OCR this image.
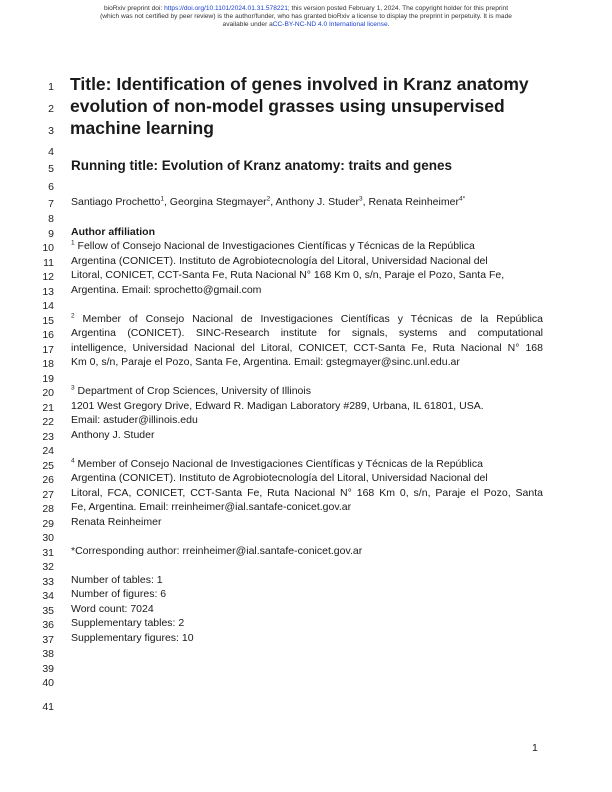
bioRxiv preprint doi: https://doi.org/10.1101/2024.01.31.578221; this version posted February 1, 2024. The copyright holder for this preprint
(which was not certified by peer review) is the author/funder, who has granted bioRxiv a license to display the preprint in perpetuity. It is made
available under aCC-BY-NC-ND 4.0 International license.
1
2
3
4
5
6
7
8
9
10
11
12
13
14
15
16
17
18
19
20
21
22
23
24
25
26
27
28
29
30
31
32
33
34
35
36
37
38
39
40
41
Title: Identification of genes involved in Kranz anatomy
evolution of non-model grasses using unsupervised
machine learning
Running title: Evolution of Kranz anatomy: traits and genes
Santiago Prochetto$^1$, Georgina Stegmayer$^2$, Anthony J. Studer$^3$, Renata Reinheimer$^{4*}$
Author affiliation
$^1$ Fellow of Consejo Nacional de Investigaciones Científicas y Técnicas de la República
Argentina (CONICET). Instituto de Agrobiotecnología del Litoral, Universidad Nacional del
Litoral, CONICET, CCT-Santa Fe, Ruta Nacional N° 168 Km 0, s/n, Paraje el Pozo, Santa Fe,
Argentina. Email: sprochetto@gmail.com
$^2$ Member of Consejo Nacional de Investigaciones Científicas y Técnicas de la República
Argentina (CONICET). SINC-Research institute for signals, systems and computational
intelligence, Universidad Nacional del Litoral, CONICET, CCT-Santa Fe, Ruta Nacional N° 168
Km 0, s/n, Paraje el Pozo, Santa Fe, Argentina. Email: gstegmayer@sinc.unl.edu.ar
$^3$ Department of Crop Sciences, University of Illinois
1201 West Gregory Drive, Edward R. Madigan Laboratory #289, Urbana, IL 61801, USA.
Email: astuder@illinois.edu
Anthony J. Studer
$^4$ Member of Consejo Nacional de Investigaciones Científicas y Técnicas de la República
Argentina (CONICET). Instituto de Agrobiotecnología del Litoral, Universidad Nacional del
Litoral, FCA, CONICET, CCT-Santa Fe, Ruta Nacional N° 168 Km 0, s/n, Paraje el Pozo, Santa
Fe, Argentina. Email: rreinheimer@ial.santafe-conicet.gov.ar
Renata Reinheimer
*Corresponding author: rreinheimer@ial.santafe-conicet.gov.ar
Number of tables: 1
Number of figures: 6
Word count: 7024
Supplementary tables: 2
Supplementary figures: 10
1
